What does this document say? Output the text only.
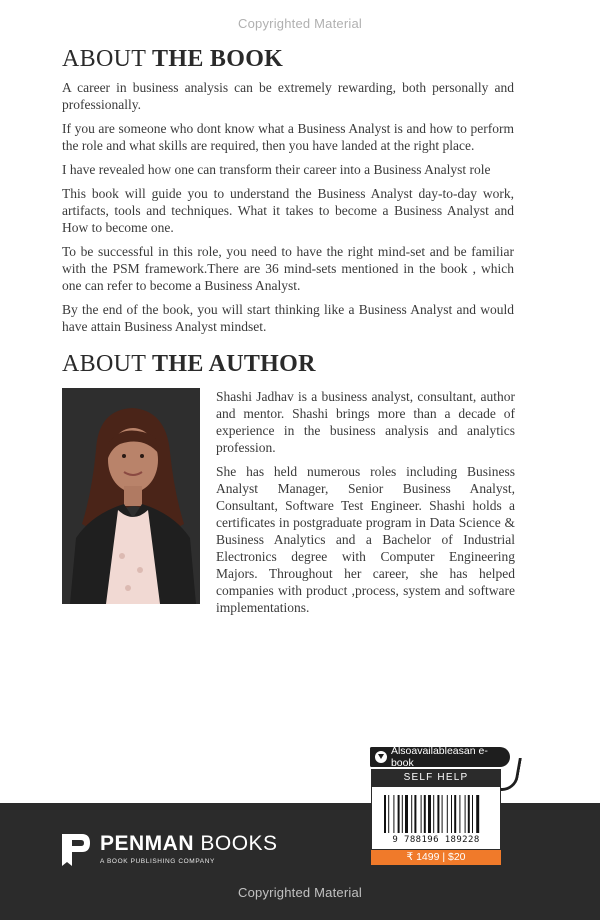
Copyrighted Material
ABOUT THE BOOK

A career in business analysis can be extremely rewarding, both personally and professionally.

If you are someone who dont know what a Business Analyst is and how to perform the role and what skills are required, then you have landed at the right place.

I have revealed how one can transform their career into a Business Analyst role

This book will guide you to understand the Business Analyst day-to-day work, artifacts, tools and techniques. What it takes to become a Business Analyst and How to become one.

To be successful in this role, you need to have the right mind-set and be familiar with the PSM framework.There are 36 mind-sets mentioned in the book , which one can refer to become a Business Analyst.

By the end of the book, you will start thinking like a Business Analyst and would have attain Business Analyst mindset.

ABOUT THE AUTHOR

Shashi Jadhav is a business analyst, consultant, author and mentor. Shashi brings more than a decade of experience in the business analysis and analytics profession.

She has held numerous roles including Business Analyst Manager, Senior Business Analyst, Consultant, Software Test Engineer. Shashi holds a certificates in postgraduate program in Data Science & Business Analytics and a Bachelor of Industrial Electronics degree with Computer Engineering Majors. Throughout her career, she has helped companies with product ,process, system and software implementations.

Alsoavailableasan e-book
PENMAN BOOKS
A BOOK PUBLISHING COMPANY
SELF HELP
9 788196 189228
₹ 1499 | $20
Copyrighted Material
